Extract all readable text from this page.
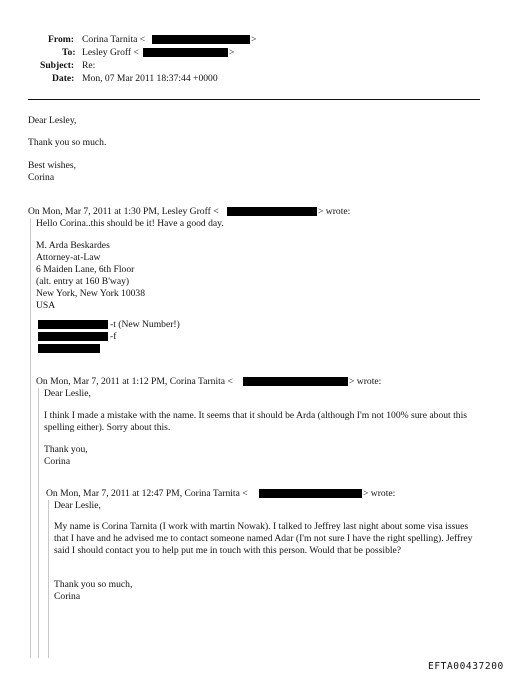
From: Corina Tarnita <	>
To: Lesley Groff <	>
Subject: Re:
Date: Mon, 07 Mar 2011 18:37:44 +0000
Dear Lesley,
Thank you so much.
Best wishes,
Corina
On Mon, Mar 7, 2011 at 1:30 PM, Lesley Groff <	> wrote:
Hello Corina..this should be it! Have a good day.
M. Arda Beskardes
Attorney-at-Law
6 Maiden Lane, 6th Floor
(alt. entry at 160 B'way)
New York, New York 10038
USA
-t (New Number!)
-f
On Mon, Mar 7, 2011 at 1:12 PM, Corina Tarnita <	> wrote:
Dear Leslie,
I think I made a mistake with the name. It seems that it should be Arda (although I'm not 100% sure about this spelling either). Sorry about this.
Thank you,
Corina
On Mon, Mar 7, 2011 at 12:47 PM, Corina Tarnita <	> wrote:
Dear Leslie,
My name is Corina Tarnita (I work with martin Nowak). I talked to Jeffrey last night about some visa issues that I have and he advised me to contact someone named Adar (I'm not sure I have the right spelling). Jeffrey said I should contact you to help put me in touch with this person. Would that be possible?
Thank you so much,
Corina
EFTA00437200
